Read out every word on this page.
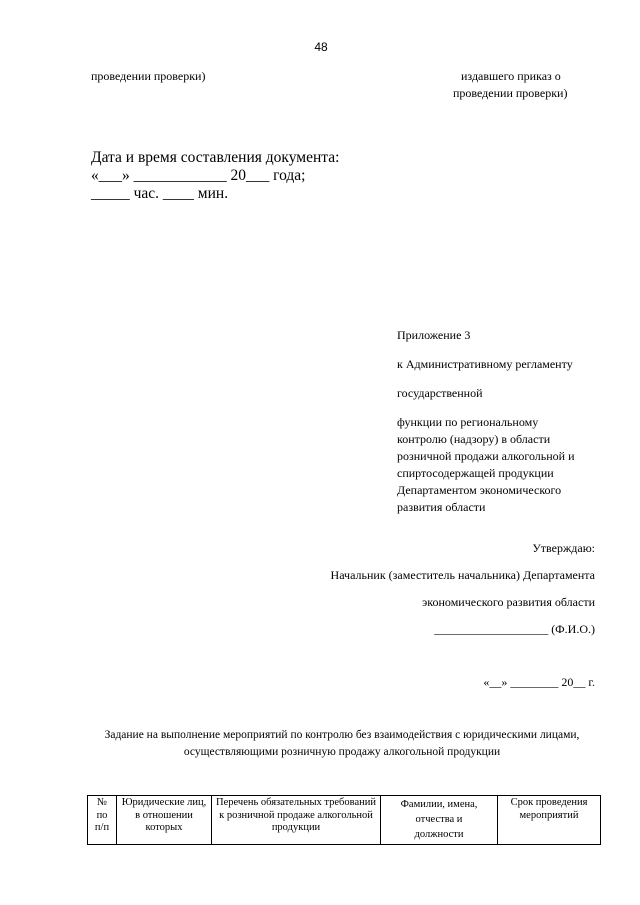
48
проведении проверки)	издавшего приказ о
проведении проверки)
Дата и время составления документа:
«___» ____________ 20___ года;
_____ час. ____ мин.
Приложение 3
к Административному регламенту
государственной
функции по региональному
контролю (надзору) в области
розничной продажи алкогольной и
спиртосодержащей продукции
Департаментом экономического
развития области
Утверждаю:
Начальник (заместитель начальника) Департамента
экономического развития области
___________________ (Ф.И.О.)
«__» ________ 20__ г.
Задание на выполнение мероприятий по контролю без взаимодействия с юридическими лицами,
осуществляющими розничную продажу алкогольной продукции
№
по
п/п

Юридические лиц,
в отношении
которых

Перечень обязательных требований
к розничной продаже алкогольной
продукции

Фамилии, имена,
отчества и
должности

Срок проведения
мероприятий
